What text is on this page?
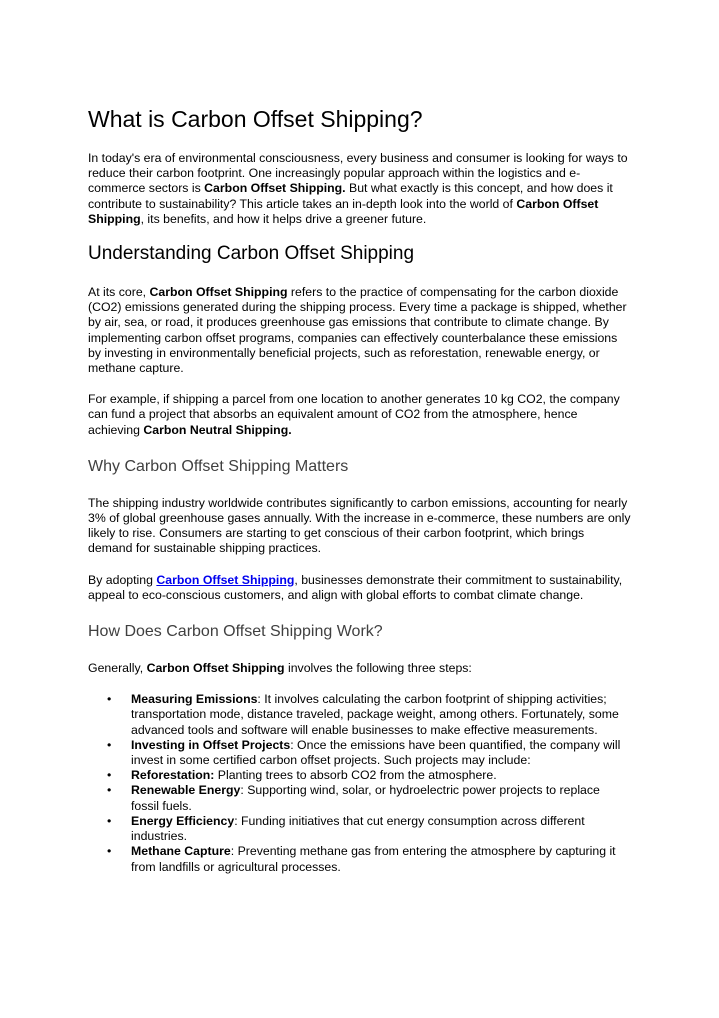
What is Carbon Offset Shipping?

In today's era of environmental consciousness, every business and consumer is looking for ways to reduce their carbon footprint. One increasingly popular approach within the logistics and e-commerce sectors is Carbon Offset Shipping. But what exactly is this concept, and how does it contribute to sustainability? This article takes an in-depth look into the world of Carbon Offset Shipping, its benefits, and how it helps drive a greener future.

Understanding Carbon Offset Shipping

At its core, Carbon Offset Shipping refers to the practice of compensating for the carbon dioxide (CO2) emissions generated during the shipping process. Every time a package is shipped, whether by air, sea, or road, it produces greenhouse gas emissions that contribute to climate change. By implementing carbon offset programs, companies can effectively counterbalance these emissions by investing in environmentally beneficial projects, such as reforestation, renewable energy, or methane capture.

For example, if shipping a parcel from one location to another generates 10 kg CO2, the company can fund a project that absorbs an equivalent amount of CO2 from the atmosphere, hence achieving Carbon Neutral Shipping.

Why Carbon Offset Shipping Matters

The shipping industry worldwide contributes significantly to carbon emissions, accounting for nearly 3% of global greenhouse gases annually. With the increase in e-commerce, these numbers are only likely to rise. Consumers are starting to get conscious of their carbon footprint, which brings demand for sustainable shipping practices.

By adopting Carbon Offset Shipping, businesses demonstrate their commitment to sustainability, appeal to eco-conscious customers, and align with global efforts to combat climate change.

How Does Carbon Offset Shipping Work?

Generally, Carbon Offset Shipping involves the following three steps:

• Measuring Emissions: It involves calculating the carbon footprint of shipping activities; transportation mode, distance traveled, package weight, among others. Fortunately, some advanced tools and software will enable businesses to make effective measurements.
• Investing in Offset Projects: Once the emissions have been quantified, the company will invest in some certified carbon offset projects. Such projects may include:
• Reforestation: Planting trees to absorb CO2 from the atmosphere.
• Renewable Energy: Supporting wind, solar, or hydroelectric power projects to replace fossil fuels.
• Energy Efficiency: Funding initiatives that cut energy consumption across different industries.
• Methane Capture: Preventing methane gas from entering the atmosphere by capturing it from landfills or agricultural processes.
